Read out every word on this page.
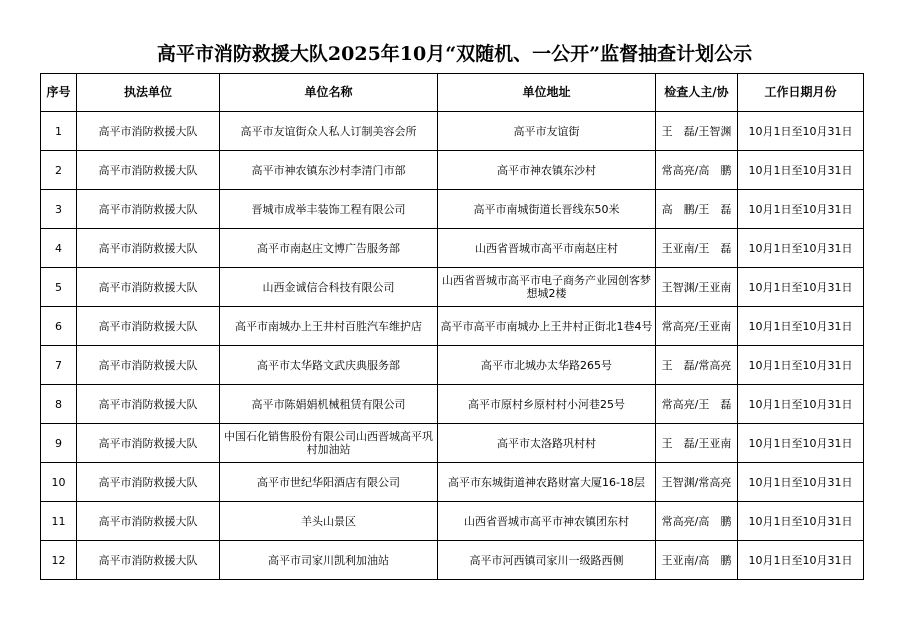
高平市消防救援大队2025年10月“双随机、一公开”监督抽查计划公示
序号	执法单位	单位名称	单位地址	检查人主/协	工作日期月份
1	高平市消防救援大队	高平市友谊街众人私人订制美容会所	高平市友谊街	王　磊/王智渊	10月1日至10月31日
2	高平市消防救援大队	高平市神农镇东沙村李清门市部	高平市神农镇东沙村	常高亮/高　鹏	10月1日至10月31日
3	高平市消防救援大队	晋城市成举丰装饰工程有限公司	高平市南城街道长晋线东50米	高　鹏/王　磊	10月1日至10月31日
4	高平市消防救援大队	高平市南赵庄文博广告服务部	山西省晋城市高平市南赵庄村	王亚南/王　磊	10月1日至10月31日
5	高平市消防救援大队	山西金诚信合科技有限公司	山西省晋城市高平市电子商务产业园创客梦想城2楼	王智渊/王亚南	10月1日至10月31日
6	高平市消防救援大队	高平市南城办上王井村百胜汽车维护店	高平市高平市南城办上王井村正街北1巷4号	常高亮/王亚南	10月1日至10月31日
7	高平市消防救援大队	高平市太华路文武庆典服务部	高平市北城办太华路265号	王　磊/常高亮	10月1日至10月31日
8	高平市消防救援大队	高平市陈娟娟机械租赁有限公司	高平市原村乡原村村小河巷25号	常高亮/王　磊	10月1日至10月31日
9	高平市消防救援大队	中国石化销售股份有限公司山西晋城高平巩村加油站	高平市太洛路巩村村	王　磊/王亚南	10月1日至10月31日
10	高平市消防救援大队	高平市世纪华阳酒店有限公司	高平市东城街道神农路财富大厦16-18层	王智渊/常高亮	10月1日至10月31日
11	高平市消防救援大队	羊头山景区	山西省晋城市高平市神农镇团东村	常高亮/高　鹏	10月1日至10月31日
12	高平市消防救援大队	高平市司家川凯利加油站	高平市河西镇司家川一级路西侧	王亚南/高　鹏	10月1日至10月31日
